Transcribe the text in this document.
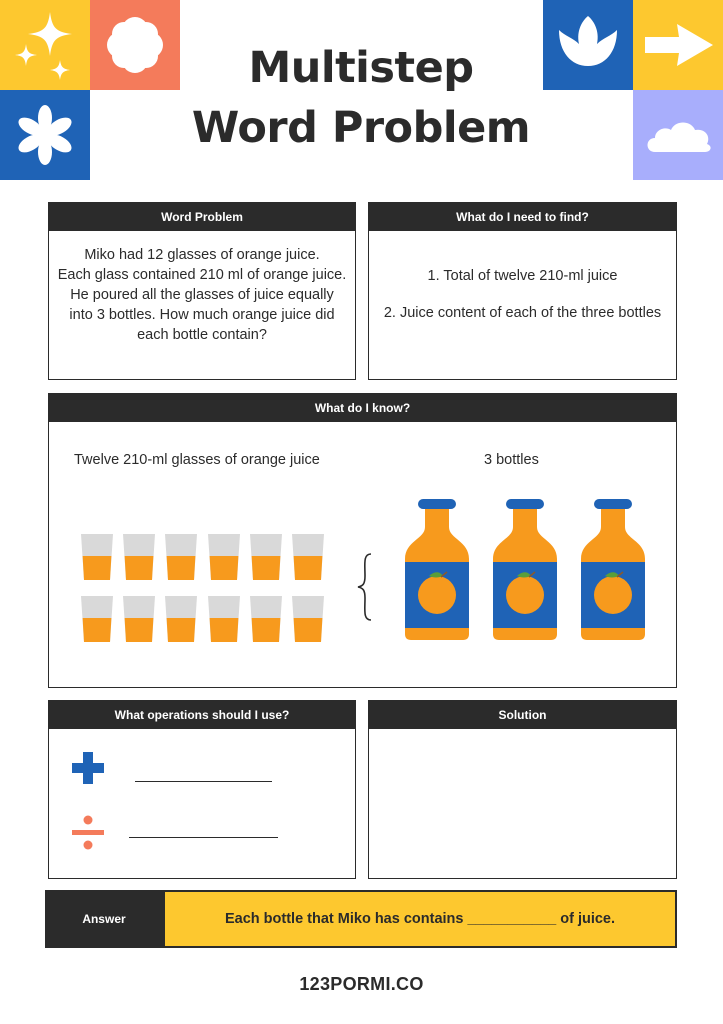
Multistep
Word Problem
Word Problem
Miko had 12 glasses of orange juice.
Each glass contained 210 ml of orange juice.
He poured all the glasses of juice equally into 3 bottles. How much orange juice did each bottle contain?
What do I need to find?

1. Total of twelve 210-ml juice

2. Juice content of each of the three bottles

What do I know?
Twelve 210-ml glasses of orange juice	3 bottles
What operations should I use?	Solution
Answer	Each bottle that Miko has contains ___________ of juice.
123PORMI.CO
